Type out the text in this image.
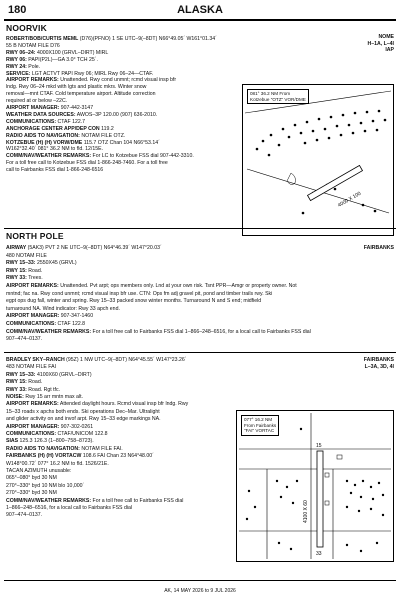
180	ALASKA
NOORVIK
NOME
H–1A, L–4I
IAP
ROBERT/BOB/CURTIS MEML (D76)(PFNO) 1 SE UTC–9(–8DT) N66°49.05´ W161°01.34´
55 B NOTAM FILE D76
RWY 06–24: 4000X100 (GRVL–DIRT) MIRL
RWY 06: PAPI(P2L)—GA 3.0° TCH 25´.
RWY 24: Pole.
SERVICE: LGT ACTVT PAPI Rwy 06; MIRL Rwy 06–24—CTAF.
AIRPORT REMARKS: Unattended. Rwy cond unmnt; rcmd visual insp bfr
lndg. Rwy 06–24 mkd with lgts and plastic mkrs. Winter snow
removal—mnt CTAF. Cold temperature airport. Altitude correction
required at or below –22C.
AIRPORT MANAGER: 907-442-3147
WEATHER DATA SOURCES: AWOS–3P 120.00 (907) 636-2010.
COMMUNICATIONS: CTAF 122.7
ANCHORAGE CENTER APP/DEP CON 119.2
RADIO AIDS TO NAVIGATION: NOTAM FILE OTZ.
KOTZEBUE (H) (H) VORW/DME 115.7 OTZ Chan 104 N66°53.14´
W162°32.40´ 081° 36.2 NM to fld. 12/15E.
COMM/NAV/WEATHER REMARKS: For LC to Kotzebue FSS dial 907-442-3310.
For a toll free call to Kotzebue FSS dial 1-866-248-7460. For a toll free
call to Fairbanks FSS dial 1-866-248-6516
4000 X 100
081° 36.2 NM From
Kotzebue "OTZ" VOR/DME
NORTH POLE
FAIRBANKS
AIRWAY (5AK3) PVT 2 NE UTC–9(–8DT) N64°46.39´ W147°20.03´
480 NOTAM FILE
RWY 15–33: 2550X45 (GRVL)
RWY 15: Road.
RWY 33: Trees.
AIRPORT REMARKS: Unattended. Pvt arpt; ops members only. Lnd at your own risk. Tsnt PPR—Amgr or property owner. Not
mntnd; fac na. Rwy cond unmnt; rcmd visual insp bfr use. CTN: Ops fm adj gravel pit, pond and timber trails rwy. Ski
egpt ops dug fall, winter and spring. Rwy 15–33 packed snow winter months. Turnaround N and S end; midfield
turnaround NA. Wind indicator: Rwy 33 apch end.
AIRPORT MANAGER: 907-347-1460
COMMUNICATIONS: CTAF 122.8
COMM/NAV/WEATHER REMARKS: For a toll free call to Fairbanks FSS dial 1–866–248–6516, for a local call to Fairbanks FSS dial
907–474–0137.
FAIRBANKS
L–3A, 3D, 4I
BRADLEY SKY–RANCH (95Z) 1 NW UTC–9(–8DT) N64°45.55´ W147°23.26´
483 NOTAM FILE FAI
RWY 15–33: 4100X60 (GRVL–DIRT)
RWY 15: Road.
RWY 33: Road. Rgt tfc.
NOISE: Rwy 15 arr mntn max alt.
AIRPORT REMARKS: Attended daylight hours. Rcmd visual insp bfr lndg. Rwy
15–33 roads x apchs both ends. Ski operations Dec–Mar. Ultralight
and glider activity on and invof arpt. Rwy 15–33 edge markings NA.
AIRPORT MANAGER: 907-302-0261
COMMUNICATIONS: CTAF/UNICOM 122.8
SIAS 125.3 126.3 (1–800–758–8723).
RADIO AIDS TO NAVIGATION: NOTAM FILE FAI.
FAIRBANKS (H) (H) VORTACW 108.6 FAI Chan 23 N64°48.00´
W148°00.72´ 077° 16.2 NM to fld. 1526/21E.
TACAN AZIMUTH unusable:
065°–080° byd 30 NM
270°–330° byd 10 NM blo 10,000´
270°–330° byd 30 NM
COMM/NAV/WEATHER REMARKS: For a toll free call to Fairbanks FSS dial
1–866–248–6516, for a local call to Fairbanks FSS dial
907–474–0137.	4100 X 60
15
33
077° 16.2 NM
From Fairbanks
"FAI" VORTAC
AK, 14 MAY 2026 to 9 JUL 2026
